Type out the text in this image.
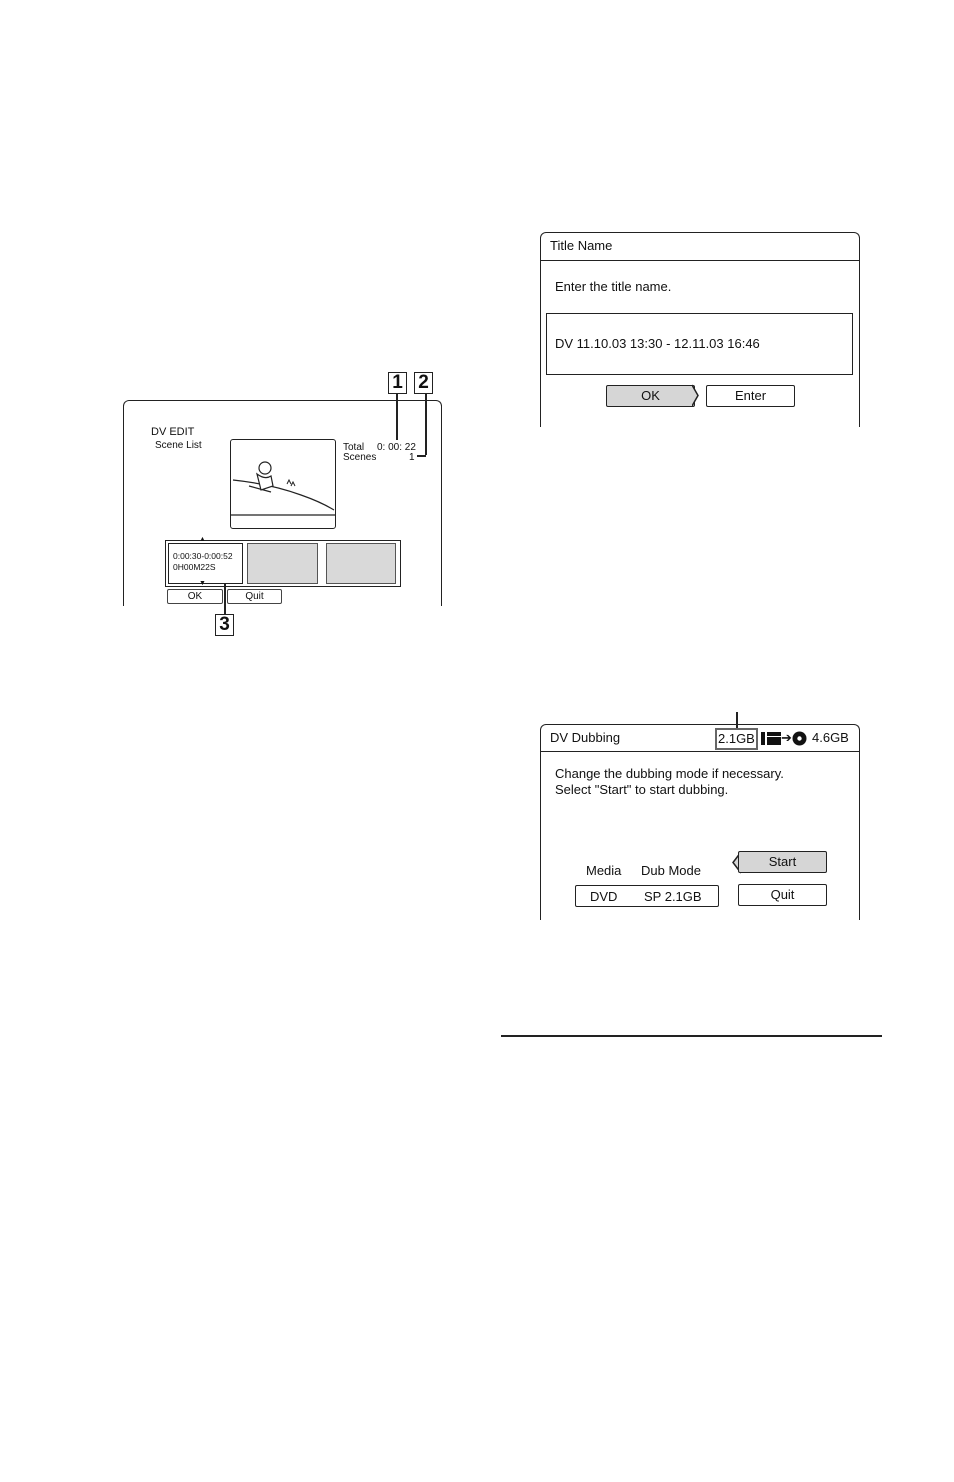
1 2
DV EDIT
Scene List	Total 0: 00: 22
Scenes	1
0:00:30-0:00:52
0H00M22S
▲
▼
OK	Quit
3
Title Name
Enter the title name.
DV 11.10.03 13:30 - 12.11.03 16:46
OK	Enter
DV Dubbing	2.1GB ➔ 4.6GB
Change the dubbing mode if necessary.
Select "Start" to start dubbing.
Media Dub Mode
DVD SP 2.1GB
Start
Quit
